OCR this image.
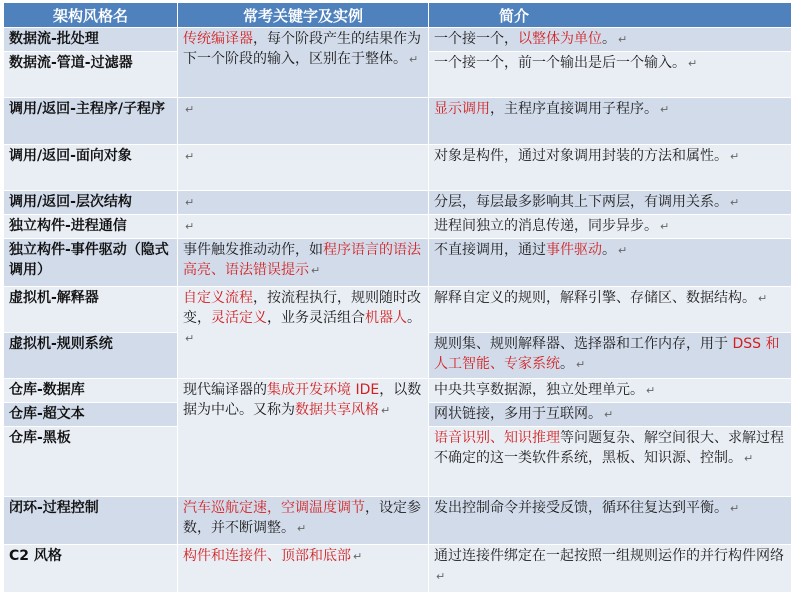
架构风格名	常考关键字及实例	简介
数据流-批处理	传统编译器，每个阶段产生的结果作为下一个阶段的输入，区别在于整体。 ↵	一个接一个，以整体为单位。 ↵
数据流-管道-过滤器		一个接一个，前一个输出是后一个输入。 ↵
调用/返回-主程序/子程序	↵	显示调用，主程序直接调用子程序。 ↵
调用/返回-面向对象	↵	对象是构件，通过对象调用封装的方法和属性。 ↵
调用/返回-层次结构	↵	分层，每层最多影响其上下两层，有调用关系。 ↵
独立构件-进程通信	↵	进程间独立的消息传递，同步异步。 ↵
独立构件-事件驱动（隐式调用）	事件触发推动动作，如程序语言的语法高亮、语法错误提示 ↵	不直接调用，通过事件驱动。 ↵
虚拟机-解释器	自定义流程，按流程执行，规则随时改变，灵活定义，业务灵活组合机器人。↵	解释自定义的规则，解释引擎、存储区、数据结构。 ↵
虚拟机-规则系统		规则集、规则解释器、选择器和工作内存，用于 DSS 和人工智能、专家系统。 ↵
仓库-数据库	现代编译器的集成开发环境 IDE，以数据为中心。又称为数据共享风格 ↵	中央共享数据源，独立处理单元。 ↵
仓库-超文本		网状链接，多用于互联网。 ↵
仓库-黑板		语音识别、知识推理等问题复杂、解空间很大、求解过程不确定的这一类软件系统，黑板、知识源、控制。 ↵
闭环-过程控制	汽车巡航定速，空调温度调节，设定参数，并不断调整。 ↵	发出控制命令并接受反馈，循环往复达到平衡。 ↵
C2 风格	构件和连接件、顶部和底部 ↵	通过连接件绑定在一起按照一组规则运作的并行构件网络↵
